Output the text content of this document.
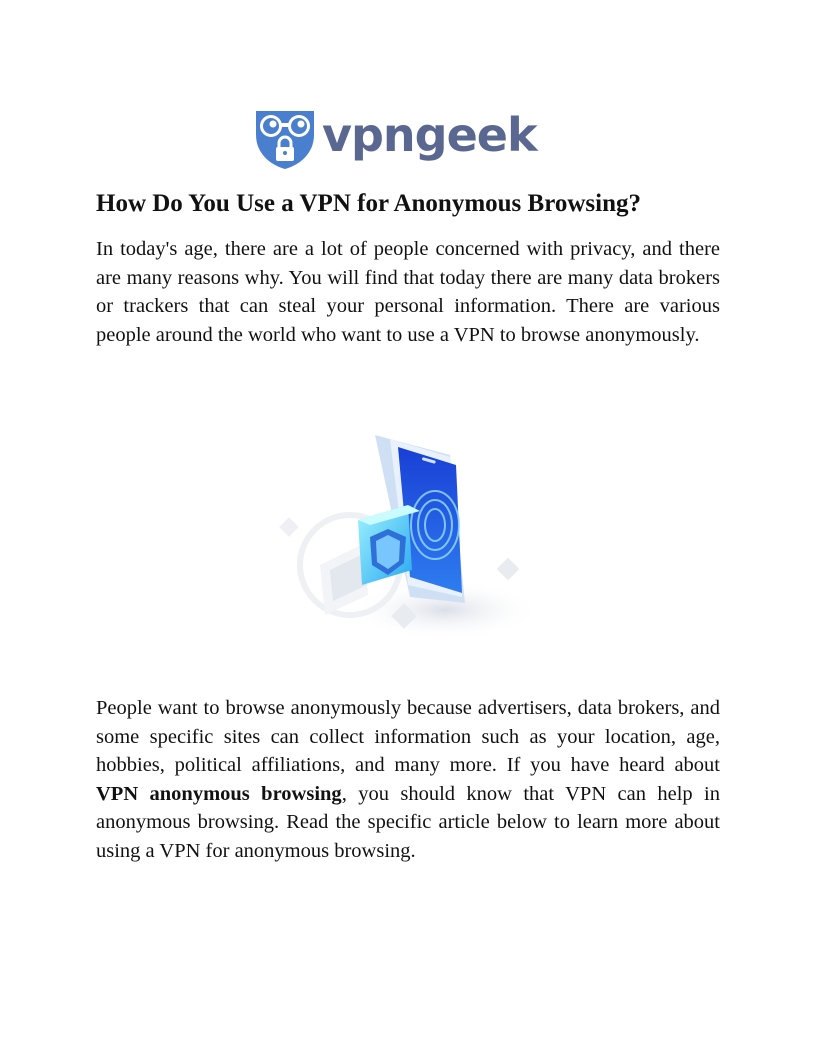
vpngeek
How Do You Use a VPN for Anonymous Browsing?

In today's age, there are a lot of people concerned with privacy, and there are many reasons why. You will find that today there are many data brokers or trackers that can steal your personal information. There are various people around the world who want to use a VPN to browse anonymously.

People want to browse anonymously because advertisers, data brokers, and some specific sites can collect information such as your location, age, hobbies, political affiliations, and many more. If you have heard about VPN anonymous browsing, you should know that VPN can help in anonymous browsing. Read the specific article below to learn more about using a VPN for anonymous browsing.
